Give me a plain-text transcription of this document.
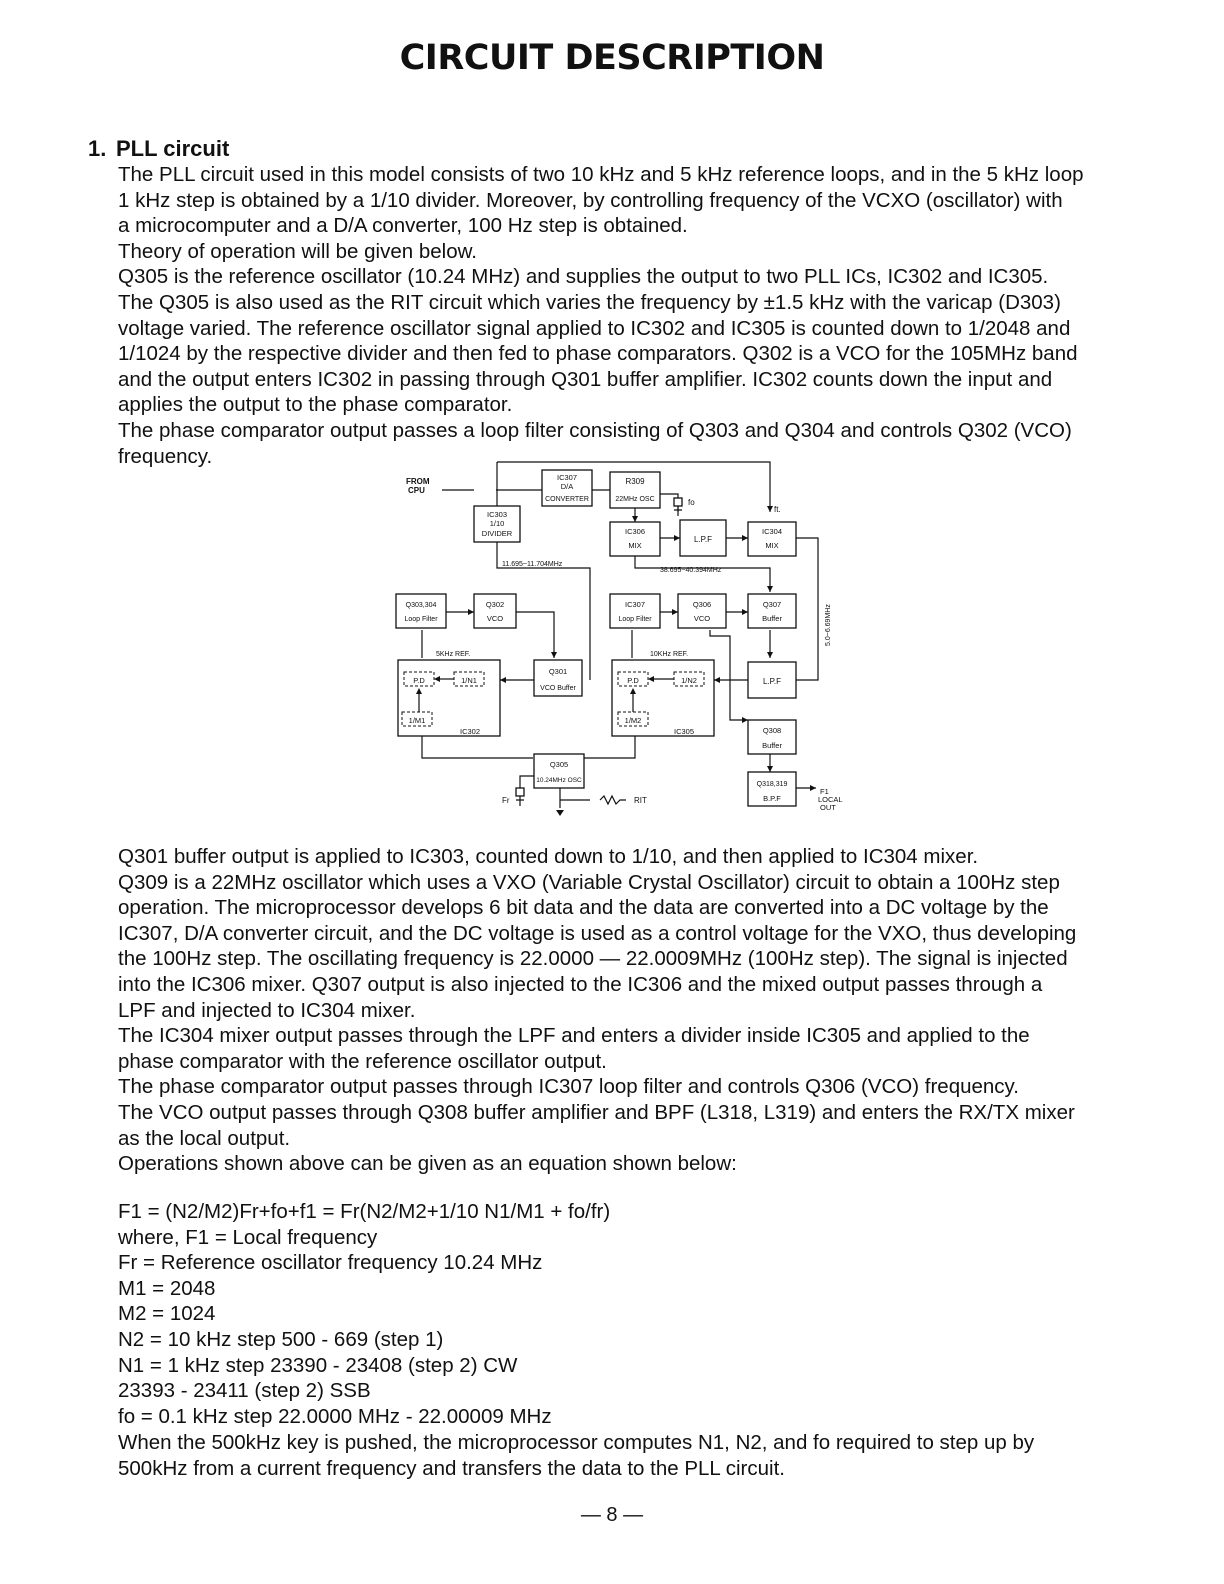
CIRCUIT DESCRIPTION
1. PLL circuit

The PLL circuit used in this model consists of two 10 kHz and 5 kHz reference loops, and in the 5 kHz loop
1 kHz step is obtained by a 1/10 divider. Moreover, by controlling frequency of the VCXO (oscillator) with
a microcomputer and a D/A converter, 100 Hz step is obtained.
Theory of operation will be given below.
Q305 is the reference oscillator (10.24 MHz) and supplies the output to two PLL ICs, IC302 and IC305.
The Q305 is also used as the RIT circuit which varies the frequency by ±1.5 kHz with the varicap (D303)
voltage varied. The reference oscillator signal applied to IC302 and IC305 is counted down to 1/2048 and
1/1024 by the respective divider and then fed to phase comparators. Q302 is a VCO for the 105MHz band
and the output enters IC302 in passing through Q301 buffer amplifier. IC302 counts down the input and
applies the output to the phase comparator.
The phase comparator output passes a loop filter consisting of Q303 and Q304 and controls Q302 (VCO)
frequency.

FROM
CPU
IC307
D/A
CONVERTER
R309
22MHz OSC	fo
ft.
IC303
1/10
DIVIDER	IC306
MIX
L.P.F
IC304
MIX
11.695~11.704MHz
38.695~40.394MHz
5.0~6.69MHz
Q303,304
Loop Filter
Q302
VCO
IC307
Loop Filter
Q306
VCO
Q307
Buffer
5KHz REF.	10KHz REF.
P.D	1/N1
1/M1
IC302
Q301
VCO Buffer
P.D	1/N2
1/M2
IC305
L.P.F
Q308
Buffer
Q305
10.24MHz OSC
Fr	RIT
Q318,319
B.P.F
F1
LOCAL
OUT

Q301 buffer output is applied to IC303, counted down to 1/10, and then applied to IC304 mixer.
Q309 is a 22MHz oscillator which uses a VXO (Variable Crystal Oscillator) circuit to obtain a 100Hz step
operation. The microprocessor develops 6 bit data and the data are converted into a DC voltage by the
IC307, D/A converter circuit, and the DC voltage is used as a control voltage for the VXO, thus developing
the 100Hz step. The oscillating frequency is 22.0000 — 22.0009MHz (100Hz step). The signal is injected
into the IC306 mixer. Q307 output is also injected to the IC306 and the mixed output passes through a
LPF and injected to IC304 mixer.
The IC304 mixer output passes through the LPF and enters a divider inside IC305 and applied to the
phase comparator with the reference oscillator output.
The phase comparator output passes through IC307 loop filter and controls Q306 (VCO) frequency.
The VCO output passes through Q308 buffer amplifier and BPF (L318, L319) and enters the RX/TX mixer
as the local output.
Operations shown above can be given as an equation shown below:

F1 = (N2/M2)Fr+fo+f1 = Fr(N2/M2+1/10 N1/M1 + fo/fr)
where, F1 = Local frequency
Fr = Reference oscillator frequency 10.24 MHz
M1 = 2048
M2 = 1024
N2 = 10 kHz step 500 - 669 (step 1)
N1 = 1 kHz step 23390 - 23408 (step 2) CW
23393 - 23411 (step 2) SSB
fo = 0.1 kHz step 22.0000 MHz - 22.00009 MHz

When the 500kHz key is pushed, the microprocessor computes N1, N2, and fo required to step up by
500kHz from a current frequency and transfers the data to the PLL circuit.

— 8 —
